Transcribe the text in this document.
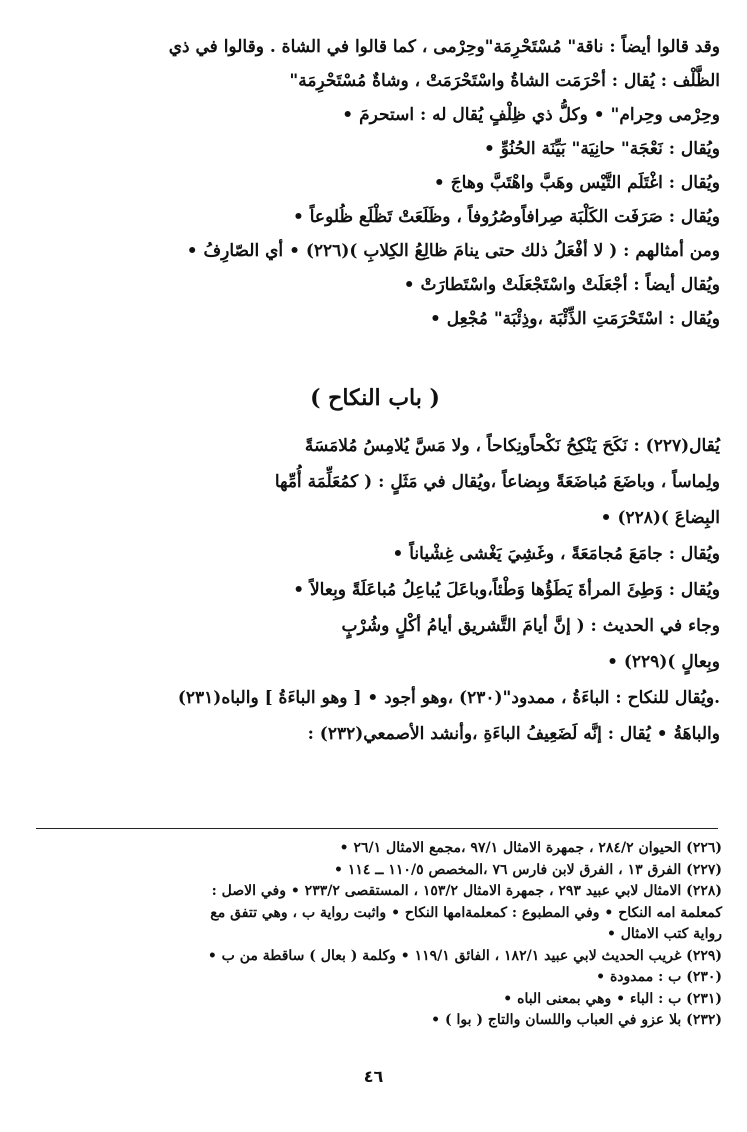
وقد قالوا أيضاً : ناقة" مُسْتَحْرِمَة"وحِرْمى ، كما قالوا في الشاة . وقالوا في ذي

الظَّلْف : يُقال : أحْرَمَت الشاةُ واسْتَحْرَمَتْ ، وشاةٌ مُسْتَحْرِمَة"

وحِرْمى وحِرام" • وكلُّ ذي ظِلْفٍ يُقال له : استحرمَ •

ويُقال : نَعْجَة" حانِيَة" بَيِّنَة الحُنُوِّ •

ويُقال : اغْتَلَم التَّيْس وهَبَّ واهْتَبَّ وهاجَ •

ويُقال : صَرَفَت الكَلْبَة صِرافاًوصُرُوفاً ، وظَلَعَتْ تَظْلَع ظُلوعاً •

ومن أمثالهم : ( لا أفْعَلُ ذلك حتى ينامَ ظالِعُ الكِلابِ )(٢٢٦) • أي الصّارِفُ •

ويُقال أيضاً : أجْعَلَتْ واسْتَجْعَلَتْ واسْتَطارَتْ •

ويُقال : اسْتَحْرَمَتِ الذِّئْبَة ،وذِئْبَة" مُجْعِل •

( باب النكاح )

يُقال(٢٢٧) : نَكَحَ يَنْكِحُ نَكْحاًونِكاحاً ، ولا مَسَّ يُلامِسُ مُلامَسَةً

ولِماساً ، وباضَعَ مُباضَعَةً وبِضاعاً ،ويُقال في مَثَلٍ : ( كمُعَلِّمَة أُمِّها

البِضاعَ )(٢٢٨) •

ويُقال : جامَعَ مُجامَعَةً ، وغَشِيَ يَغْشى غِشْياناً •

ويُقال : وَطِئَ المرأةَ يَطَؤُها وَطْئاً،وباعَلَ يُباعِلُ مُباعَلَةً وبِعالاً •

وجاء في الحديث : ( إنَّ أيامَ التَّشريق أيامُ أكْلٍ وشُرْبٍ

وبِعالٍ )(٢٢٩) •

.ويُقال للنكاح : الباءَةُ ، ممدود"(٢٣٠) ،وهو أجود • [ وهو الباءَةُ ] والباه(٢٣١)

والباهَةُ • يُقال : إنَّه لَضَعِيفُ الباءَةِ ،وأنشد الأصمعي(٢٣٢) :

(٢٢٦) الحيوان ٢٨٤/٢ ، جمهرة الامثال ٩٧/١ ،مجمع الامثال ٢٦/١ •

(٢٢٧) الفرق ١٣ ، الفرق لابن فارس ٧٦ ،المخصص ١١٠/٥ ــ ١١٤ •

(٢٢٨) الامثال لابي عبيد ٢٩٣ ، جمهرة الامثال ١٥٣/٢ ، المستقصى ٢٣٣/٢ • وفي الاصل :

كمعلمة امه النكاح • وفي المطبوع : كمعلمةامها النكاح • واثبت رواية ب ، وهي تتفق مع

رواية كتب الامثال •

(٢٢٩) غريب الحديث لابي عبيد ١٨٢/١ ، الفائق ١١٩/١ • وكلمة ( بعال ) ساقطة من ب •

(٢٣٠) ب : ممدودة •

(٢٣١) ب : الباء • وهي بمعنى الباه •

(٢٣٢) بلا عزو في العباب واللسان والتاج ( بوا ) •

٤٦
